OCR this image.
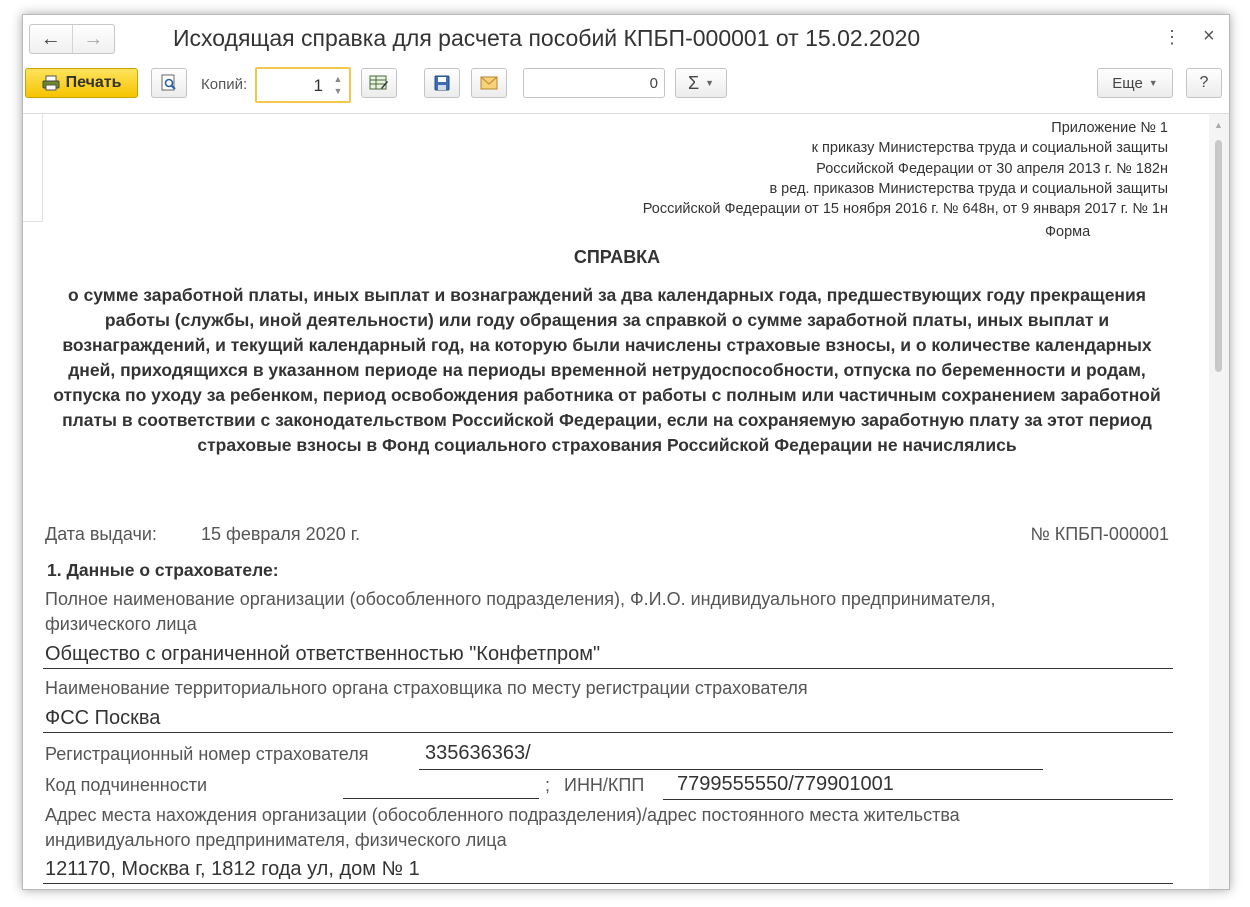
←	→	Исходящая справка для расчета пособий КПБП-000001 от 15.02.2020	⋮ ×
Печать	Копий:	1 ▲
▼	0 Σ ▼	Еще ▼	?
Приложение № 1
к приказу Министерства труда и социальной защиты
Российской Федерации от 30 апреля 2013 г. № 182н
в ред. приказов Министерства труда и социальной защиты
Российской Федерации от 15 ноября 2016 г. № 648н, от 9 января 2017 г. № 1н
Форма
СПРАВКА
о сумме заработной платы, иных выплат и вознаграждений за два календарных года, предшествующих году прекращения работы (службы, иной деятельности) или году обращения за справкой о сумме заработной платы, иных выплат и вознаграждений, и текущий календарный год, на которую были начислены страховые взносы, и о количестве календарных дней, приходящихся в указанном периоде на периоды временной нетрудоспособности, отпуска по беременности и родам, отпуска по уходу за ребенком, период освобождения работника от работы с полным или частичным сохранением заработной платы в соответствии с законодательством Российской Федерации, если на сохраняемую заработную плату за этот период страховые взносы в Фонд социального страхования Российской Федерации не начислялись
Дата выдачи: 15 февраля 2020 г.	№ КПБП-000001
1. Данные о страхователе:
Полное наименование организации (обособленного подразделения), Ф.И.О. индивидуального предпринимателя,
физического лица
Общество с ограниченной ответственностью "Конфетпром"
Наименование территориального органа страховщика по месту регистрации страхователя
ФСС Посква
Регистрационный номер страхователя	335636363/
Код подчиненности	; ИНН/КПП 7799555550/779901001
Адрес места нахождения организации (обособленного подразделения)/адрес постоянного места жительства
индивидуального предпринимателя, физического лица
121170, Москва г, 1812 года ул, дом № 1
▲
